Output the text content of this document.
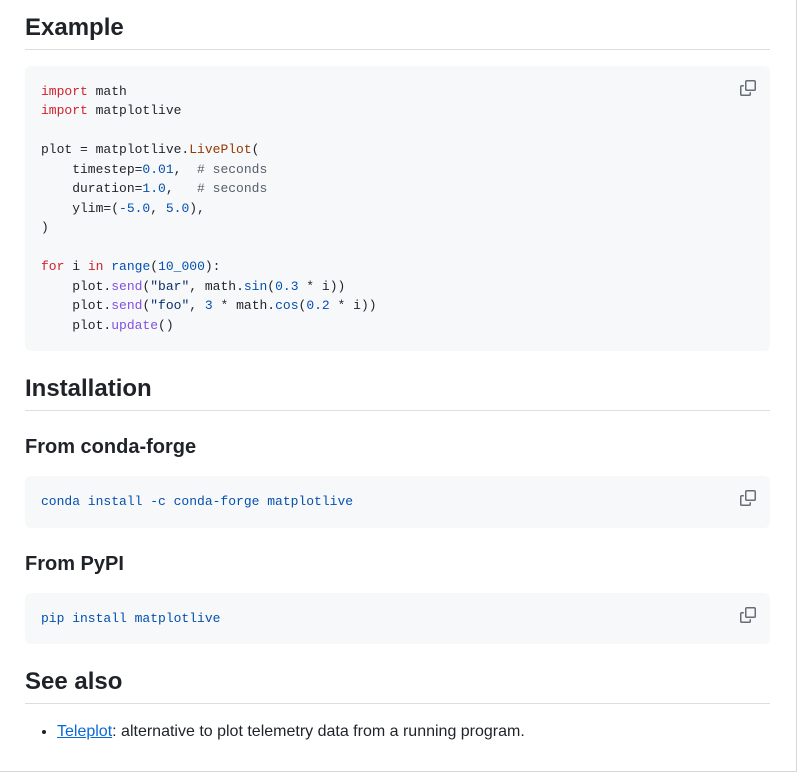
Example
import math
import matplotlive
plot = matplotlive.LivePlot(
timestep=0.01,  # seconds
duration=1.0,   # seconds
ylim=(-5.0, 5.0),
)
for i in range(10_000):
plot.send("bar", math.sin(0.3 * i))
plot.send("foo", 3 * math.cos(0.2 * i))
plot.update()
Installation
From conda-forge
conda install -c conda-forge matplotlive
From PyPI
pip install matplotlive
See also
• Teleplot: alternative to plot telemetry data from a running program.
